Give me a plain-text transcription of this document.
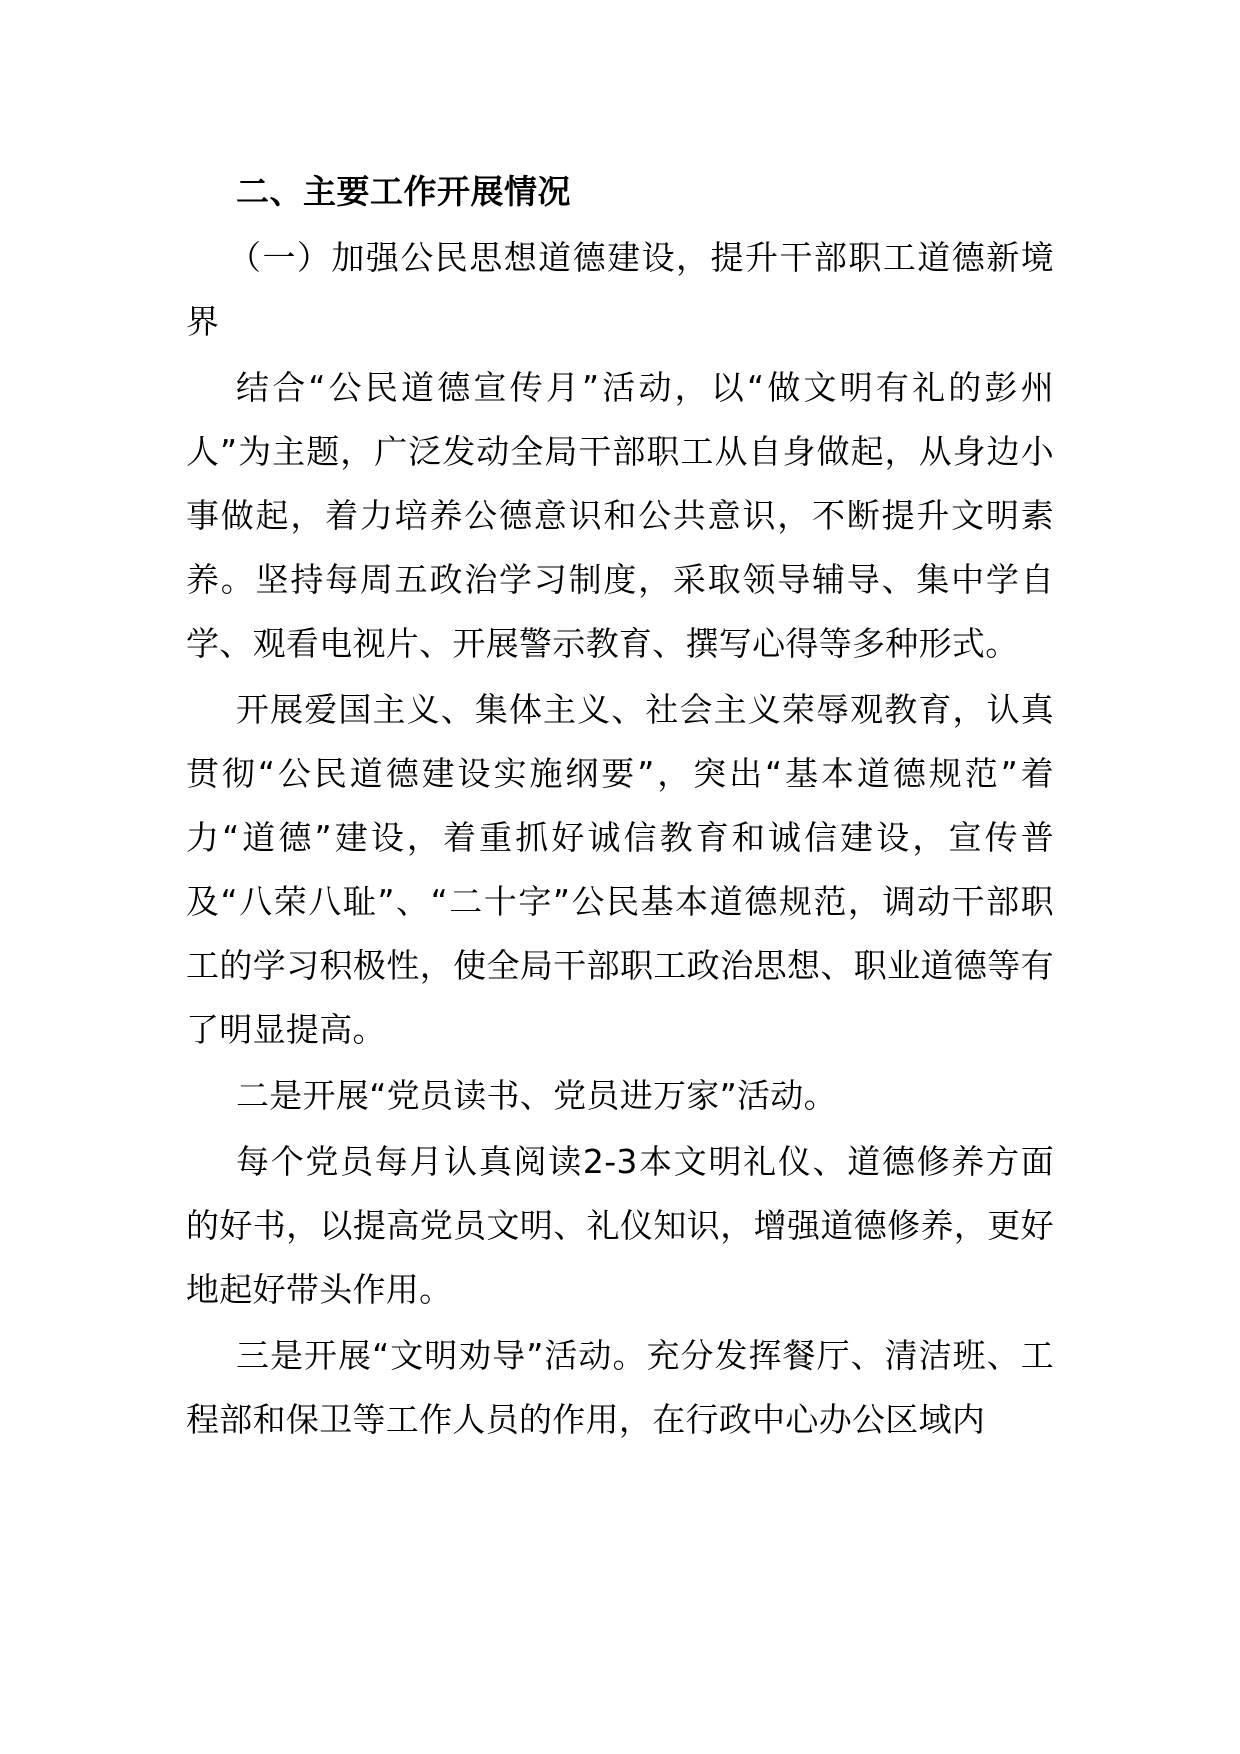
二、主要工作开展情况

（一）加强公民思想道德建设，提升干部职工道德新境界

结合“公民道德宣传月”活动，以“做文明有礼的彭州人”为主题，广泛发动全局干部职工从自身做起，从身边小事做起，着力培养公德意识和公共意识，不断提升文明素养。坚持每周五政治学习制度，采取领导辅导、集中学自学、观看电视片、开展警示教育、撰写心得等多种形式。

开展爱国主义、集体主义、社会主义荣辱观教育，认真贯彻“公民道德建设实施纲要”，突出“基本道德规范”着力“道德”建设，着重抓好诚信教育和诚信建设，宣传普及“八荣八耻”、“二十字”公民基本道德规范，调动干部职工的学习积极性，使全局干部职工政治思想、职业道德等有了明显提高。

二是开展“党员读书、党员进万家”活动。

每个党员每月认真阅读2-3本文明礼仪、道德修养方面的好书，以提高党员文明、礼仪知识，增强道德修养，更好地起好带头作用。

三是开展“文明劝导”活动。充分发挥餐厅、清洁班、工程部和保卫等工作人员的作用，在行政中心办公区域内
